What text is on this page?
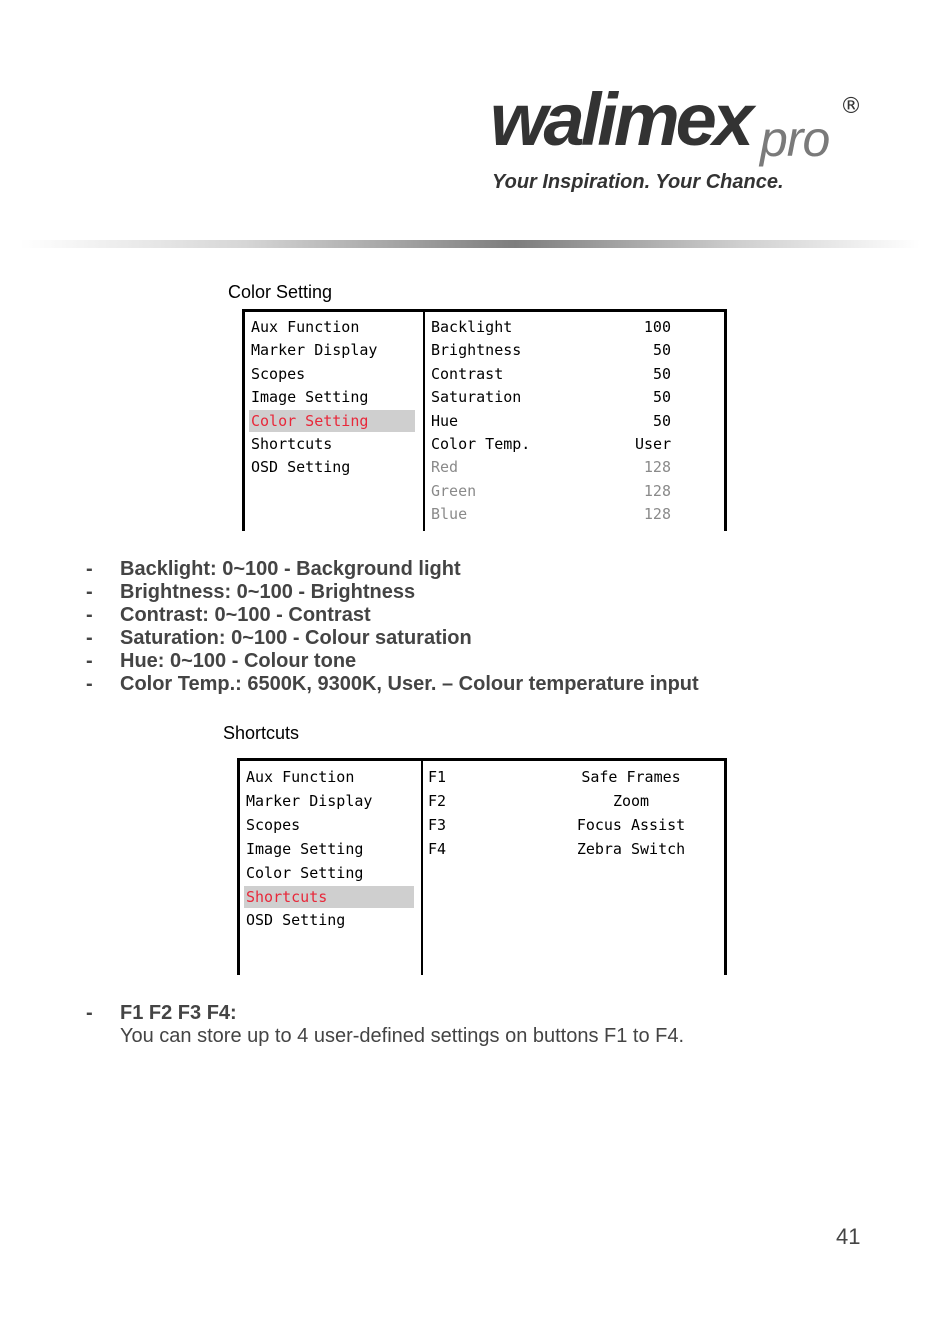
walimex pro
®
Your Inspiration. Your Chance.
Color Setting
Aux Function
Marker Display
Scopes
Image Setting
Color Setting
Shortcuts
OSD Setting
Backlight	100
Brightness	50
Contrast	50
Saturation	50
Hue	50
Color Temp.	User
Red	128
Green	128
Blue	128
- Backlight: 0~100 - Background light
- Brightness: 0~100 - Brightness
- Contrast: 0~100 - Contrast
- Saturation: 0~100 - Colour saturation
- Hue: 0~100 - Colour tone
- Color Temp.: 6500K, 9300K, User. – Colour temperature input
Shortcuts
Aux Function
Marker Display
Scopes
Image Setting
Color Setting
Shortcuts
OSD Setting
F1	Safe Frames
F2	Zoom
F3	Focus Assist
F4	Zebra Switch
- F1 F2 F3 F4:
You can store up to 4 user-defined settings on buttons F1 to F4.
41
